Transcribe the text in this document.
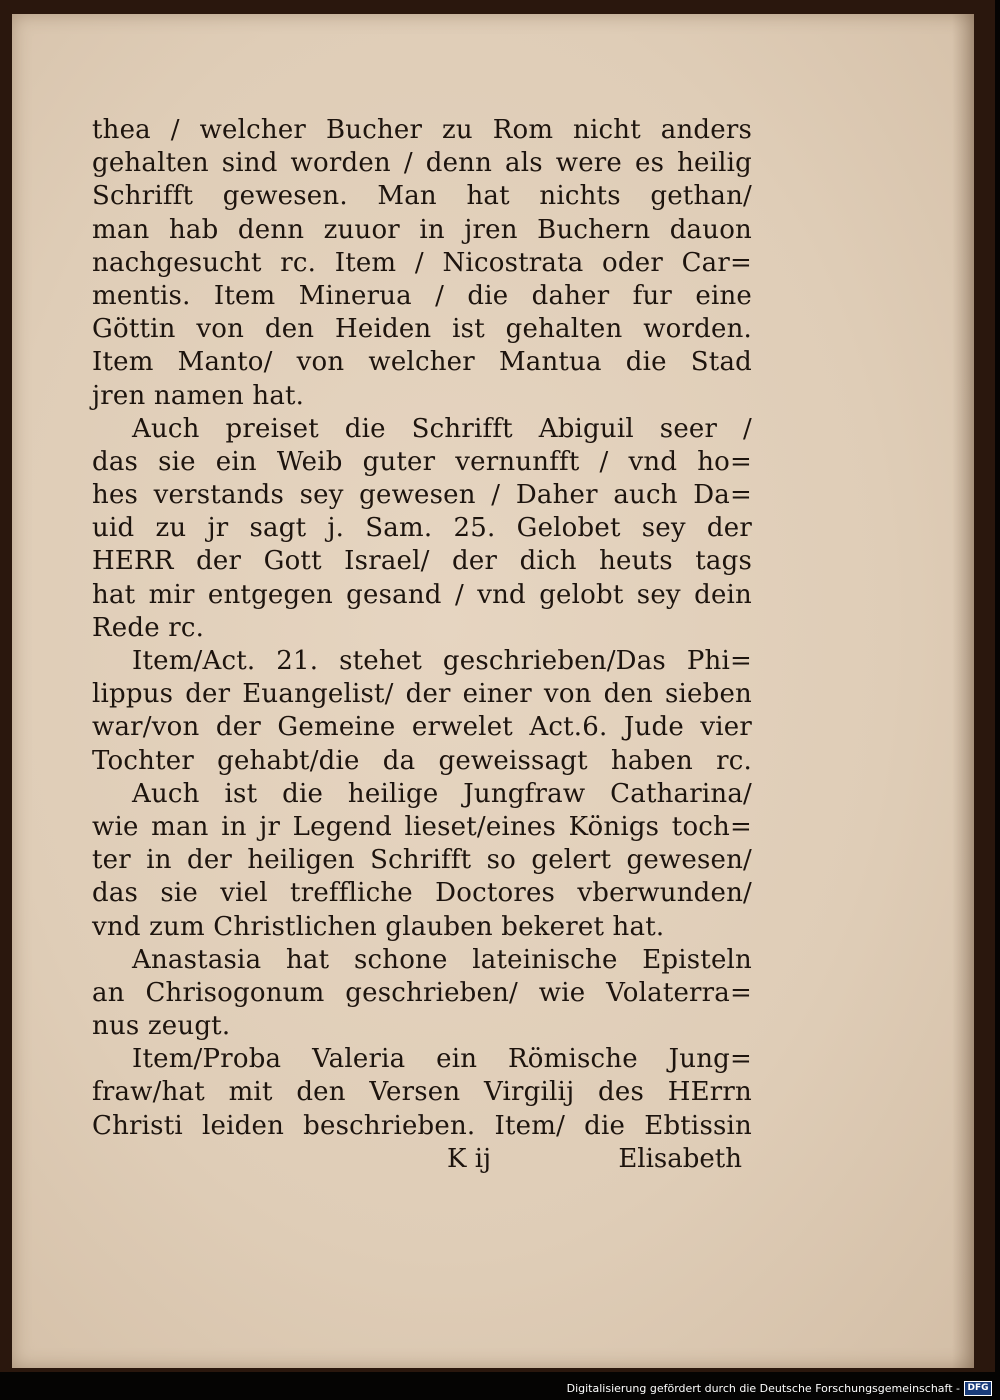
thea / welcher Bucher zu Rom nicht anders
gehalten sind worden / denn als were es heilig
Schrifft gewesen. Man hat nichts gethan/
man hab denn zuuor in jren Buchern dauon
nachgesucht rc. Item / Nicostrata oder Car=
mentis. Item Minerua / die daher fur eine
Göttin von den Heiden ist gehalten worden.
Item Manto/ von welcher Mantua die Stad
jren namen hat.
Auch preiset die Schrifft Abiguil seer /
das sie ein Weib guter vernunfft / vnd ho=
hes verstands sey gewesen / Daher auch Da=
uid zu jr sagt j. Sam. 25. Gelobet sey der
HERR der Gott Israel/ der dich heuts tags
hat mir entgegen gesand / vnd gelobt sey dein
Rede rc.
Item/Act. 21. stehet geschrieben/Das Phi=
lippus der Euangelist/ der einer von den sieben
war/von der Gemeine erwelet Act.6. Jude vier
Tochter gehabt/die da geweissagt haben rc.
Auch ist die heilige Jungfraw Catharina/
wie man in jr Legend lieset/eines Königs toch=
ter in der heiligen Schrifft so gelert gewesen/
das sie viel treffliche Doctores vberwunden/
vnd zum Christlichen glauben bekeret hat.
Anastasia hat schone lateinische Episteln
an Chrisogonum geschrieben/ wie Volaterra=
nus zeugt.
Item/Proba Valeria ein Römische Jung=
fraw/hat mit den Versen Virgilij des HErrn
Christi leiden beschrieben. Item/ die Ebtissin
K ij	Elisabeth
Digitalisierung gefördert durch die Deutsche Forschungsgemeinschaft - DFG
